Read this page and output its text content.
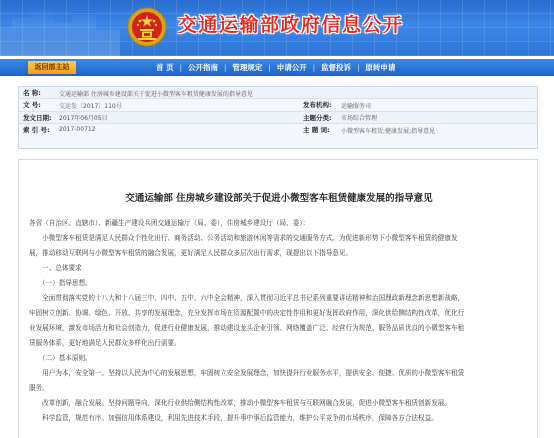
交通运输部政府信息公开
返回部主站	首 页 | 公开指南 | 管理规定 | 申请公开 | 监督投诉 | 原转申请
名 称:	交通运输部 住房城乡建设部关于促进小微型客车租赁健康发展的指导意见
文 号:	交运发〔2017〕110号	发布机构: 运输服务司
发文日期: 2017年06月05日	主题分类: 市场综合管理
索 引 号: 2017-00712	主 题 词: 小微型客车租赁;健康发展;指导意见
交通运输部 住房城乡建设部关于促进小微型客车租赁健康发展的指导意见
各省（自治区、直辖市）、新疆生产建设兵团交通运输厅（局、委），住房城乡建设厅（局、委）：
　　小微型客车租赁是满足人民群众个性化出行、商务活动、公务活动和旅游休闲等需求的交通服务方式。为促进新形势下小微型客车租赁的健康发
展，推动移动互联网与小微型客车租赁的融合发展，更好满足人民群众多层次出行需求，现提出以下指导意见。
　　一、总体要求
　　（一）指导思想。
　　全面贯彻落实党的十八大和十八届三中、四中、五中、六中全会精神，深入贯彻习近平总书记系列重要讲话精神和治国理政新理念新思想新战略，
牢固树立创新、协调、绿色、开放、共享的发展理念，充分发挥市场在资源配置中的决定性作用和更好发挥政府作用，深化供给侧结构性改革，优化行
业发展环境，激发市场活力和社会创造力，促进行业健康发展，推动建设龙头企业引领、网络覆盖广泛、经营行为规范、服务品质优良的小微型客车租
赁服务体系，更好地满足人民群众多样化出行需要。
　　（二）基本原则。
　　用户为本，安全第一。坚持以人民为中心的发展思想，牢固树立安全发展理念，加快提升行业服务水平，提供安全、便捷、优质的小微型客车租赁
服务。
　　改革创新，融合发展。坚持问题导向，深化行业供给侧结构性改革，推动小微型客车租赁与互联网融合发展，促进小微型客车租赁创新发展。
　　科学监管，规范有序。加强信用体系建设，利用先进技术手段，提升事中事后监管能力，维护公平竞争的市场秩序，保障各方合法权益。
